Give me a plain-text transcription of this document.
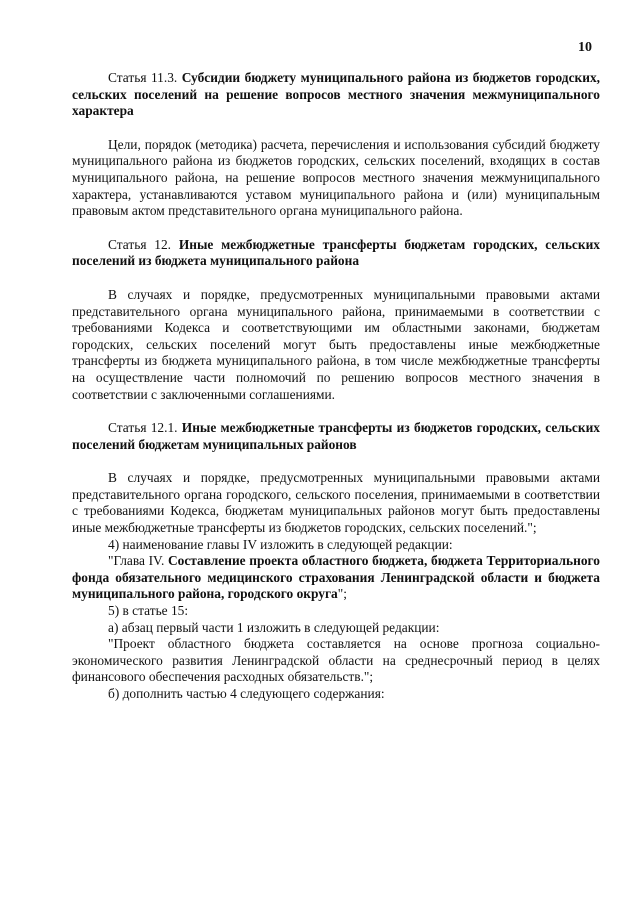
10

Статья 11.3. Субсидии бюджету муниципального района из бюджетов городских, сельских поселений на решение вопросов местного значения межмуниципального характера

Цели, порядок (методика) расчета, перечисления и использования субсидий бюджету муниципального района из бюджетов городских, сельских поселений, входящих в состав муниципального района, на решение вопросов местного значения межмуниципального характера, устанавливаются уставом муниципального района и (или) муниципальным правовым актом представительного органа муниципального района.

Статья 12. Иные межбюджетные трансферты бюджетам городских, сельских поселений из бюджета муниципального района

В случаях и порядке, предусмотренных муниципальными правовыми актами представительного органа муниципального района, принимаемыми в соответствии с требованиями Кодекса и соответствующими им областными законами, бюджетам городских, сельских поселений могут быть предоставлены иные межбюджетные трансферты из бюджета муниципального района, в том числе межбюджетные трансферты на осуществление части полномочий по решению вопросов местного значения в соответствии с заключенными соглашениями.

Статья 12.1. Иные межбюджетные трансферты из бюджетов городских, сельских поселений бюджетам муниципальных районов

В случаях и порядке, предусмотренных муниципальными правовыми актами представительного органа городского, сельского поселения, принимаемыми в соответствии с требованиями Кодекса, бюджетам муниципальных районов могут быть предоставлены иные межбюджетные трансферты из бюджетов городских, сельских поселений.";

4) наименование главы IV изложить в следующей редакции:

"Глава IV. Составление проекта областного бюджета, бюджета Территориального фонда обязательного медицинского страхования Ленинградской области и бюджета муниципального района, городского округа";

5) в статье 15:

а) абзац первый части 1 изложить в следующей редакции:

"Проект областного бюджета составляется на основе прогноза социально-экономического развития Ленинградской области на среднесрочный период в целях финансового обеспечения расходных обязательств.";

б) дополнить частью 4 следующего содержания:
